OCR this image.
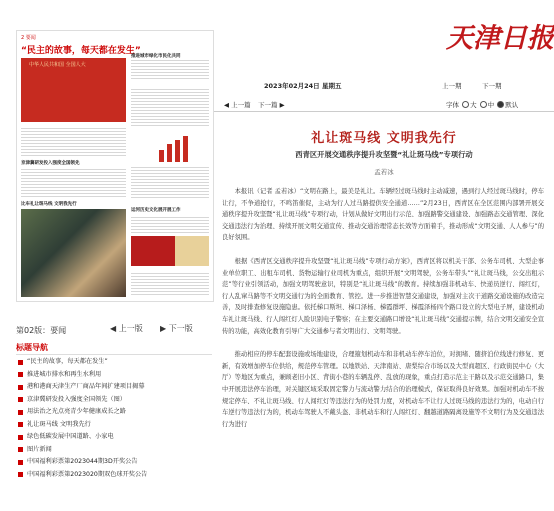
2 要闻
“民主的故事，每天都在发生”
中华人民共和国 全国人大
推进城市绿化市民化共同
京津冀研发投入强度全国领先
比车礼让斑马线 文明我先行
运河历史文化展开展工作
第02版：要闻	◀ 上一版 ▶ 下一版
标题导航
“民主的故事，每天都在发生”
推进城市排水和再生水利用
港和港商天津生产厂商品年间扩建项目揭幕
京津冀研发投入强度全国领先（图）
用法治之光点亮青少年健康成长之路
礼让斑马线 文明我先行
绿色低碳发展中国道路、小家电
图片新闻
中国福利彩票第2023044期3D开奖公告
中国福利彩票第2023020期双色球开奖公告
天津日报
2023年02月24日 星期五	上一期	下一期
◀ 上一篇 下一篇 ▶	字体 大 中 默认
礼让斑马线 文明我先行
西青区开展交通秩序提升攻坚暨“礼让斑马线”专项行动
孟若冰

本报讯（记者 孟若冰）“文明在路上，最美是礼让。车辆经过斑马线时主动减速，遇到行人经过斑马线时，停车让行，不争道抢行，不鸣笛催促，主动为行人过马路提供安全通道……”2月23日，西青区在全区范围内部署开展交通秩序提升攻坚暨“礼让斑马线”专项行动，计划从做好文明出行示范、加强路警交通建设、加强路态交通管理、深化交通违法行为治理、持续开展文明交通宣传、推动交通治理常态长效等方面着手，推动形成“文明交通、人人参与”的良好氛围。

根据《西青区交通秩序提升攻坚暨“礼让斑马线”专项行动方案》，西青区将以机关干部、公务车司机、大型企事业单位职工、出租车司机、货物运输行业司机为重点，组织开展“文明驾驶，公务车带头”“礼让斑马线，公交出租示范”等行业引领活动，加强文明驾驶意识，特别是“礼让斑马线”的教育。持续加强非机动车、快递员逆行、闯红灯，行人乱窜马路等不文明交通行为的全面教育、管控。进一步推进智慧交通建设，加强对主次干道路交通设施的改造完善，及时排查修复设施隐患。依托梯口斯坦、梯口泽杨、梯霞群坪、梯霞泽杨四个路口设立的大型电子屏，建设机动车礼让斑马线、行人闯红灯人脸识别电子警察；在主要交通路口增设“礼让斑马线”交通提示牌，结合文明交通安全宣传的功能，高效化教育引导广大交通参与者文明出行、文明驾驶。

推动相应的停车配套设施或场地建设，合理箍划机动车和非机动车停车泊位，对拥堵、随挤泊位线进行修复、更新，有效增加停车位供给，规范停车管理。以地铁站、天津南站、唐梨综合市场以及大型商超区、行政街民中心（大厅）等地区为重点，兼顾老旧小区、背街小巷的车辆乱停、乱放的现象，重点打造示范主干路以及示范交通路口，集中开展违法停车治理，对关键区域采取固定警力与流动警力结合的治理模式，保证取得良好效果。加强对机动车不按规定停车、不礼让斑马线、行人闯红灯等违法行为的处罚力度，对机动车不让行人过斑马线的违法行为的，电动自行车逆行等违法行为的，机动车驾驶人不戴头盔、非机动车和行人闯红灯、翻越道路隔离设施等不文明行为及交通违法行为进行
